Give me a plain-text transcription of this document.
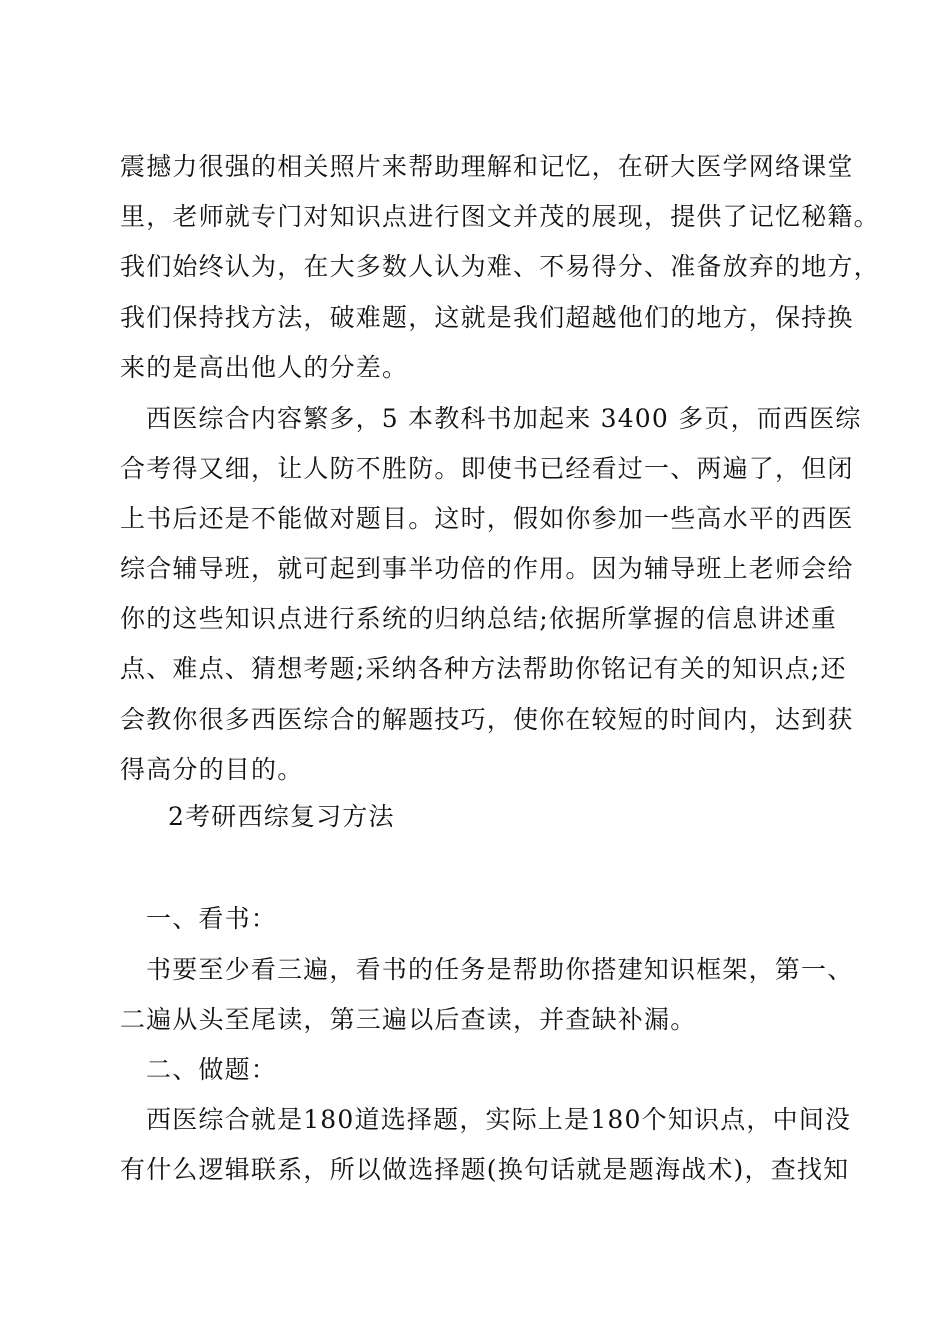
震撼力很强的相关照片来帮助理解和记忆，在研大医学网络课堂
里，老师就专门对知识点进行图文并茂的展现，提供了记忆秘籍。
我们始终认为，在大多数人认为难、不易得分、准备放弃的地方，
我们保持找方法，破难题，这就是我们超越他们的地方，保持换
来的是高出他人的分差。
西医综合内容繁多，5 本教科书加起来 3400 多页，而西医综
合考得又细，让人防不胜防。即使书已经看过一、两遍了，但闭
上书后还是不能做对题目。这时，假如你参加一些高水平的西医
综合辅导班，就可起到事半功倍的作用。因为辅导班上老师会给
你的这些知识点进行系统的归纳总结;依据所掌握的信息讲述重
点、难点、猜想考题;采纳各种方法帮助你铭记有关的知识点;还
会教你很多西医综合的解题技巧，使你在较短的时间内，达到获
得高分的目的。
2考研西综复习方法
一、看书：
书要至少看三遍，看书的任务是帮助你搭建知识框架，第一、
二遍从头至尾读，第三遍以后查读，并查缺补漏。
二、做题：
西医综合就是180道选择题，实际上是180个知识点，中间没
有什么逻辑联系，所以做选择题(换句话就是题海战术)，查找知
